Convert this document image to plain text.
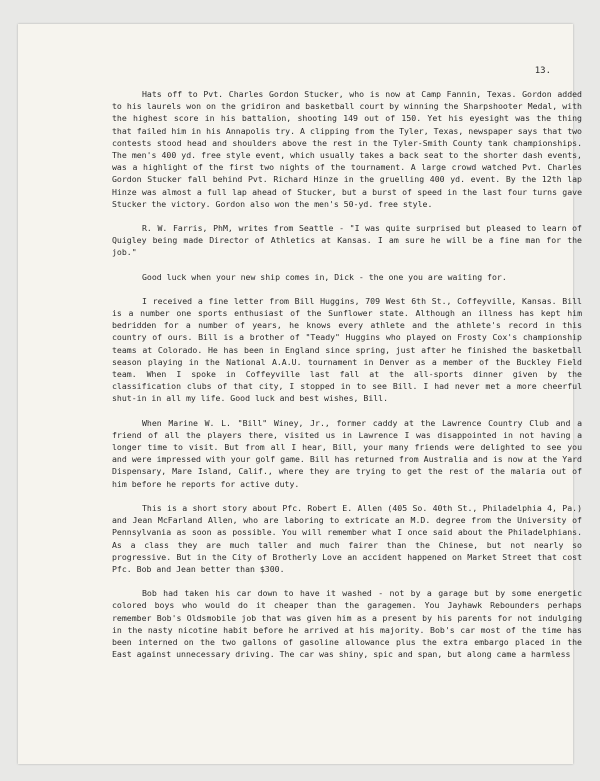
13.

Hats off to Pvt. Charles Gordon Stucker, who is now at Camp Fannin, Texas. Gordon added to his laurels won on the gridiron and basketball court by winning the Sharpshooter Medal, with the highest score in his battalion, shooting 149 out of 150. Yet his eyesight was the thing that failed him in his Annapolis try. A clipping from the Tyler, Texas, newspaper says that two contests stood head and shoulders above the rest in the Tyler-Smith County tank championships. The men's 400 yd. free style event, which usually takes a back seat to the shorter dash events, was a highlight of the first two nights of the tournament. A large crowd watched Pvt. Charles Gordon Stucker fall behind Pvt. Richard Hinze in the gruelling 400 yd. event. By the 12th lap Hinze was almost a full lap ahead of Stucker, but a burst of speed in the last four turns gave Stucker the victory. Gordon also won the men's 50-yd. free style.

R. W. Farris, PhM, writes from Seattle - "I was quite surprised but pleased to learn of Quigley being made Director of Athletics at Kansas. I am sure he will be a fine man for the job."

Good luck when your new ship comes in, Dick - the one you are waiting for.

I received a fine letter from Bill Huggins, 709 West 6th St., Coffeyville, Kansas. Bill is a number one sports enthusiast of the Sunflower state. Although an illness has kept him bedridden for a number of years, he knows every athlete and the athlete's record in this country of ours. Bill is a brother of "Teady" Huggins who played on Frosty Cox's championship teams at Colorado. He has been in England since spring, just after he finished the basketball season playing in the National A.A.U. tournament in Denver as a member of the Buckley Field team. When I spoke in Coffeyville last fall at the all-sports dinner given by the classification clubs of that city, I stopped in to see Bill. I had never met a more cheerful shut-in in all my life. Good luck and best wishes, Bill.

When Marine W. L. "Bill" Winey, Jr., former caddy at the Lawrence Country Club and a friend of all the players there, visited us in Lawrence I was disappointed in not having a longer time to visit. But from all I hear, Bill, your many friends were delighted to see you and were impressed with your golf game. Bill has returned from Australia and is now at the Yard Dispensary, Mare Island, Calif., where they are trying to get the rest of the malaria out of him before he reports for active duty.

This is a short story about Pfc. Robert E. Allen (405 So. 40th St., Philadelphia 4, Pa.) and Jean McFarland Allen, who are laboring to extricate an M.D. degree from the University of Pennsylvania as soon as possible. You will remember what I once said about the Philadelphians. As a class they are much taller and much fairer than the Chinese, but not nearly so progressive. But in the City of Brotherly Love an accident happened on Market Street that cost Pfc. Bob and Jean better than $300.

Bob had taken his car down to have it washed - not by a garage but by some energetic colored boys who would do it cheaper than the garagemen. You Jayhawk Rebounders perhaps remember Bob's Oldsmobile job that was given him as a present by his parents for not indulging in the nasty nicotine habit before he arrived at his majority. Bob's car most of the time has been interned on the two gallons of gasoline allowance plus the extra embargo placed in the East against unnecessary driving. The car was shiny, spic and span, but along came a harmless
